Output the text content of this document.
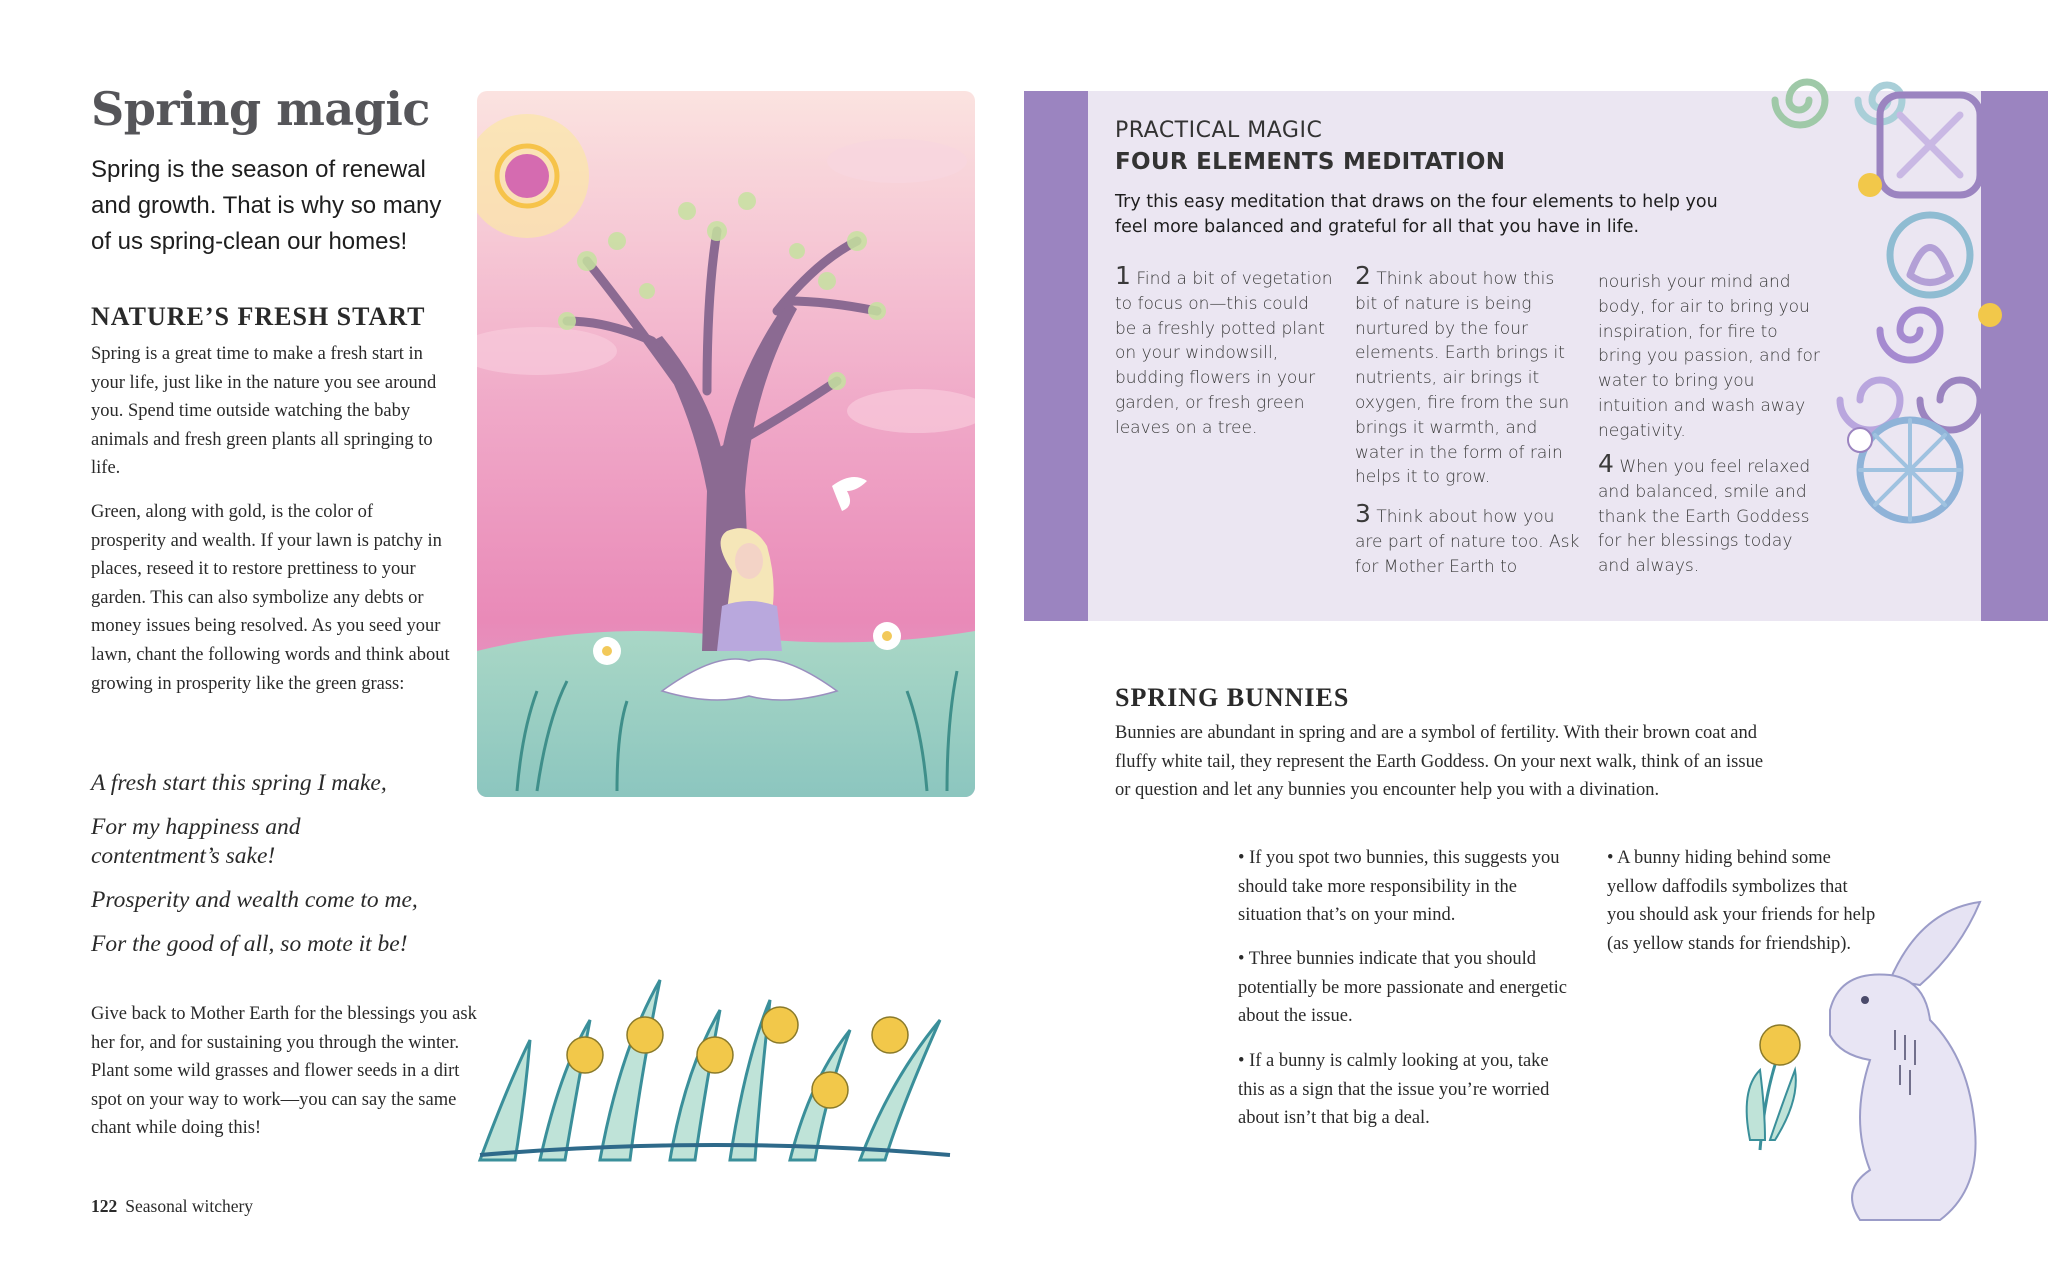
Spring magic

Spring is the season of renewal and growth. That is why so many of us spring-clean our homes!

NATURE’S FRESH START

Spring is a great time to make a fresh start in your life, just like in the nature you see around you. Spend time outside watching the baby animals and fresh green plants all springing to life.

Green, along with gold, is the color of prosperity and wealth. If your lawn is patchy in places, reseed it to restore prettiness to your garden. This can also symbolize any debts or money issues being resolved. As you seed your lawn, chant the following words and think about growing in prosperity like the green grass:

A fresh start this spring I make,

For my happiness and contentment’s sake!

Prosperity and wealth come to me,

For the good of all, so mote it be!

Give back to Mother Earth for the blessings you ask her for, and for sustaining you through the winter. Plant some wild grasses and flower seeds in a dirt spot on your way to work—you can say the same chant while doing this!

122 Seasonal witchery
PRACTICAL MAGIC
FOUR ELEMENTS MEDITATION

Try this easy meditation that draws on the four elements to help you feel more balanced and grateful for all that you have in life.

1 Find a bit of vegetation to focus on—this could be a freshly potted plant on your windowsill, budding flowers in your garden, or fresh green leaves on a tree.

2 Think about how this bit of nature is being nurtured by the four elements. Earth brings it nutrients, air brings it oxygen, fire from the sun brings it warmth, and water in the form of rain helps it to grow.

3 Think about how you are part of nature too. Ask for Mother Earth to

nourish your mind and body, for air to bring you inspiration, for fire to bring you passion, and for water to bring you intuition and wash away negativity.

4 When you feel relaxed and balanced, smile and thank the Earth Goddess for her blessings today and always.

SPRING BUNNIES

Bunnies are abundant in spring and are a symbol of fertility. With their brown coat and fluffy white tail, they represent the Earth Goddess. On your next walk, think of an issue or question and let any bunnies you encounter help you with a divination.

• If you spot two bunnies, this suggests you should take more responsibility in the situation that’s on your mind.

• Three bunnies indicate that you should potentially be more passionate and energetic about the issue.

• If a bunny is calmly looking at you, take this as a sign that the issue you’re worried about isn’t that big a deal.

• A bunny hiding behind some yellow daffodils symbolizes that you should ask your friends for help (as yellow stands for friendship).
